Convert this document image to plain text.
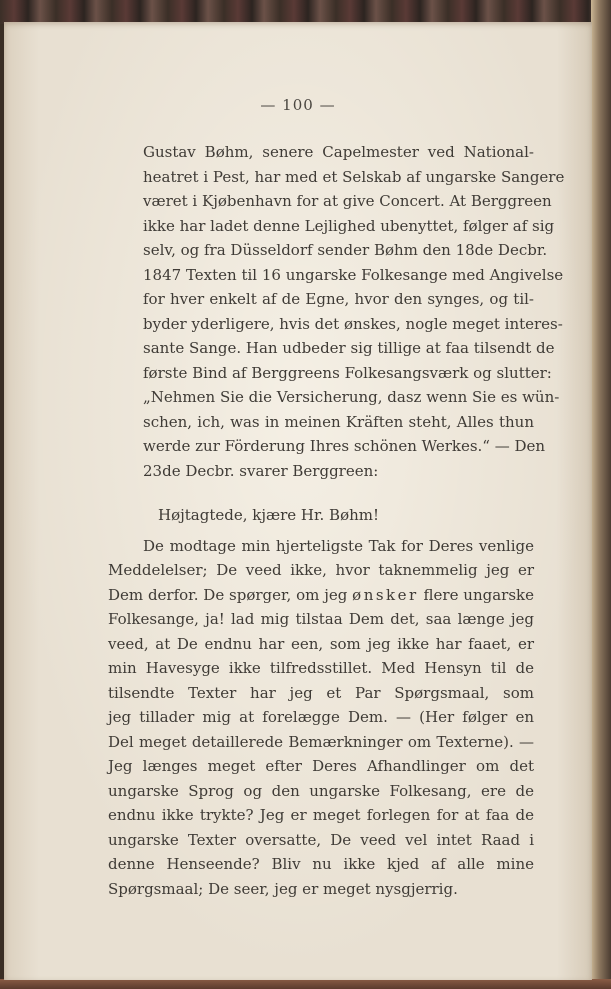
— 100 —
Gustav Bøhm, senere Capelmester ved National-
heatret i Pest, har med et Selskab af ungarske Sangere
været i Kjøbenhavn for at give Concert. At Berggreen
ikke har ladet denne Lejlighed ubenyttet, følger af sig
selv, og fra Düsseldorf sender Bøhm den 18de Decbr.
1847 Texten til 16 ungarske Folkesange med Angivelse
for hver enkelt af de Egne, hvor den synges, og til-
byder yderligere, hvis det ønskes, nogle meget interes-
sante Sange. Han udbeder sig tillige at faa tilsendt de
første Bind af Berggreens Folkesangsværk og slutter:
„Nehmen Sie die Versicherung, dasz wenn Sie es wün-
schen, ich, was in meinen Kräften steht, Alles thun
werde zur Förderung Ihres schönen Werkes.“ — Den
23de Decbr. svarer Berggreen:
Højtagtede, kjære Hr. Bøhm!
De modtage min hjerteligste Tak for Deres venlige
Meddelelser; De veed ikke, hvor taknemmelig jeg er
Dem derfor. De spørger, om jeg ønsker flere ungarske
Folkesange, ja! lad mig tilstaa Dem det, saa længe jeg
veed, at De endnu har een, som jeg ikke har faaet, er
min Havesyge ikke tilfredsstillet. Med Hensyn til de
tilsendte Texter har jeg et Par Spørgsmaal, som
jeg tillader mig at forelægge Dem. — (Her følger en
Del meget detaillerede Bemærkninger om Texterne). —
Jeg længes meget efter Deres Afhandlinger om det
ungarske Sprog og den ungarske Folkesang, ere de
endnu ikke trykte? Jeg er meget forlegen for at faa de
ungarske Texter oversatte, De veed vel intet Raad i
denne Henseende? Bliv nu ikke kjed af alle mine
Spørgsmaal; De seer, jeg er meget nysgjerrig.
